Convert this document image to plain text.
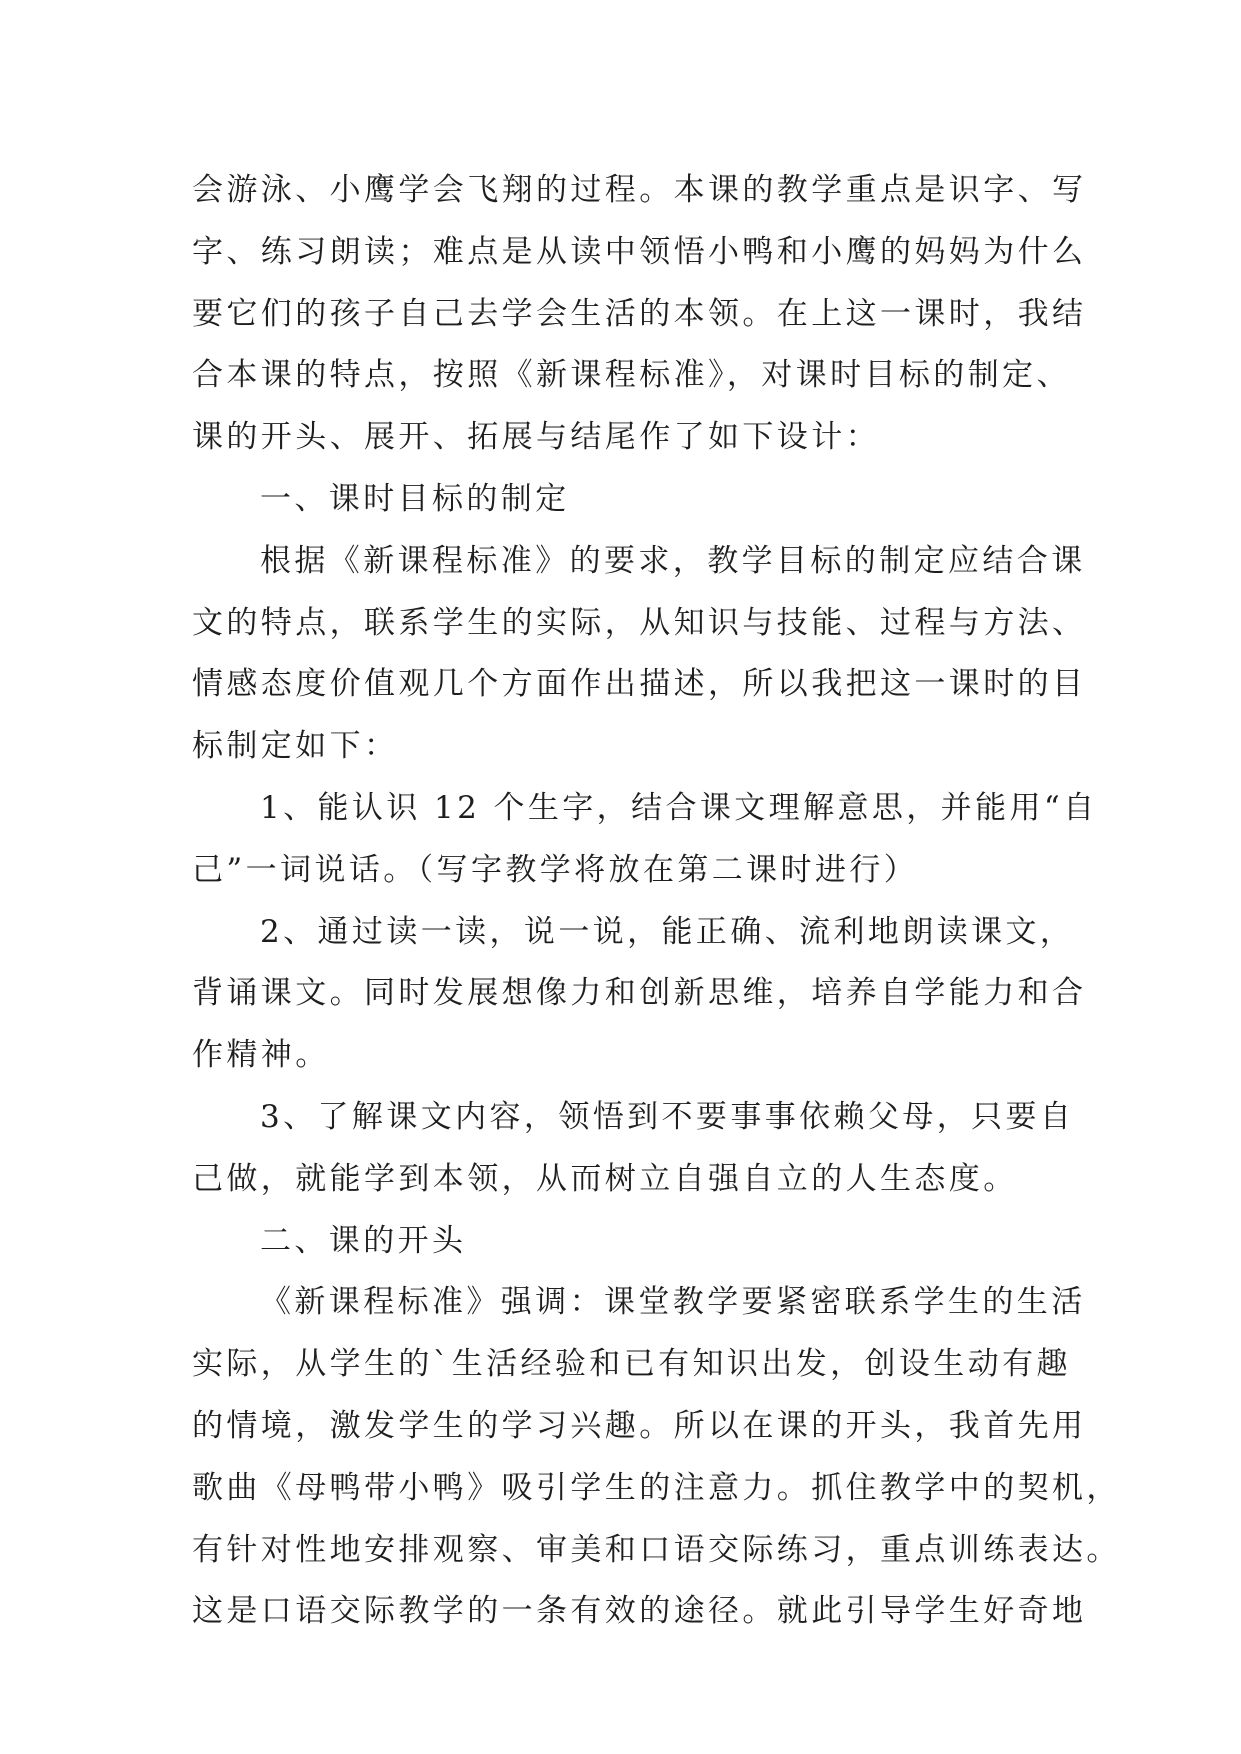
会游泳、小鹰学会飞翔的过程。本课的教学重点是识字、写
字、练习朗读；难点是从读中领悟小鸭和小鹰的妈妈为什么
要它们的孩子自己去学会生活的本领。在上这一课时，我结
合本课的特点，按照《新课程标准》，对课时目标的制定、
课的开头、展开、拓展与结尾作了如下设计：
一、课时目标的制定
根据《新课程标准》的要求，教学目标的制定应结合课
文的特点，联系学生的实际，从知识与技能、过程与方法、
情感态度价值观几个方面作出描述，所以我把这一课时的目
标制定如下：
1、能认识 12 个生字，结合课文理解意思，并能用“自
己”一词说话。（写字教学将放在第二课时进行）
2、通过读一读，说一说，能正确、流利地朗读课文，
背诵课文。同时发展想像力和创新思维，培养自学能力和合
作精神。
3、了解课文内容，领悟到不要事事依赖父母，只要自
己做，就能学到本领，从而树立自强自立的人生态度。
二、课的开头
《新课程标准》强调：课堂教学要紧密联系学生的生活
实际，从学生的`生活经验和已有知识出发，创设生动有趣
的情境，激发学生的学习兴趣。所以在课的开头，我首先用
歌曲《母鸭带小鸭》吸引学生的注意力。抓住教学中的契机，
有针对性地安排观察、审美和口语交际练习，重点训练表达。
这是口语交际教学的一条有效的途径。就此引导学生好奇地
